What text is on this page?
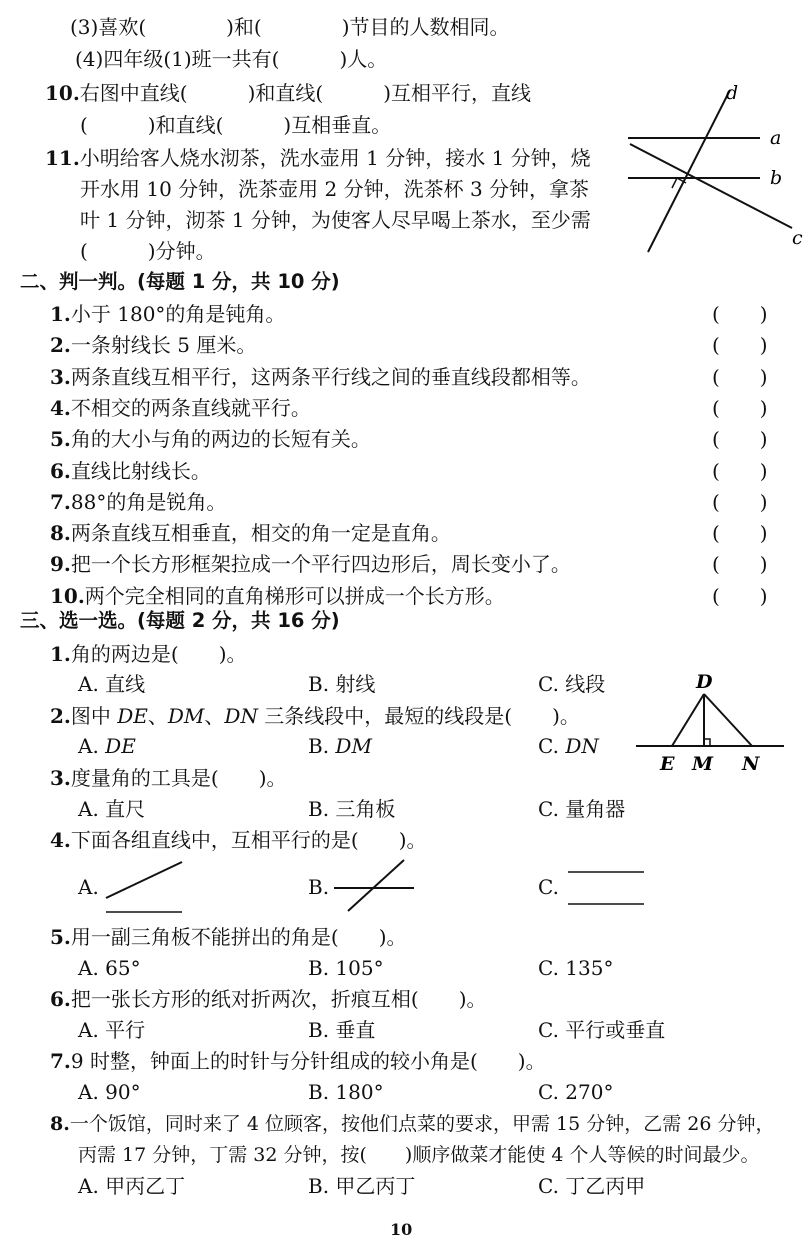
(3)喜欢(　　　　)和(　　　　)节目的人数相同。
(4)四年级(1)班一共有(　　　)人。
10.右图中直线(　　　)和直线(　　　)互相平行，直线
(　　　)和直线(　　　)互相垂直。
11.小明给客人烧水沏茶，洗水壶用 1 分钟，接水 1 分钟，烧
开水用 10 分钟，洗茶壶用 2 分钟，洗茶杯 3 分钟，拿茶
叶 1 分钟，沏茶 1 分钟，为使客人尽早喝上茶水，至少需
(　　　)分钟。
d
a
b
c
二、判一判。(每题 1 分，共 10 分)
1.小于 180°的角是钝角。	(　　)
2.一条射线长 5 厘米。	(　　)
3.两条直线互相平行，这两条平行线之间的垂直线段都相等。	(　　)
4.不相交的两条直线就平行。	(　　)
5.角的大小与角的两边的长短有关。	(　　)
6.直线比射线长。	(　　)
7.88°的角是锐角。	(　　)
8.两条直线互相垂直，相交的角一定是直角。	(　　)
9.把一个长方形框架拉成一个平行四边形后，周长变小了。	(　　)
10.两个完全相同的直角梯形可以拼成一个长方形。	(　　)
三、选一选。(每题 2 分，共 16 分)
1.角的两边是(　　)。
A. 直线	B. 射线	C. 线段
2.图中 DE、DM、DN 三条线段中，最短的线段是(　　)。
A. DE	B. DM	C. DN
D
E M N
3.度量角的工具是(　　)。
A. 直尺	B. 三角板	C. 量角器
4.下面各组直线中，互相平行的是(　　)。
A.	B.	C.
5.用一副三角板不能拼出的角是(　　)。
A. 65°	B. 105°	C. 135°
6.把一张长方形的纸对折两次，折痕互相(　　)。
A. 平行	B. 垂直	C. 平行或垂直
7.9 时整，钟面上的时针与分针组成的较小角是(　　)。
A. 90°	B. 180°	C. 270°
8.一个饭馆，同时来了 4 位顾客，按他们点菜的要求，甲需 15 分钟，乙需 26 分钟，
丙需 17 分钟，丁需 32 分钟，按(　　)顺序做菜才能使 4 个人等候的时间最少。
A. 甲丙乙丁	B. 甲乙丙丁	C. 丁乙丙甲
10
